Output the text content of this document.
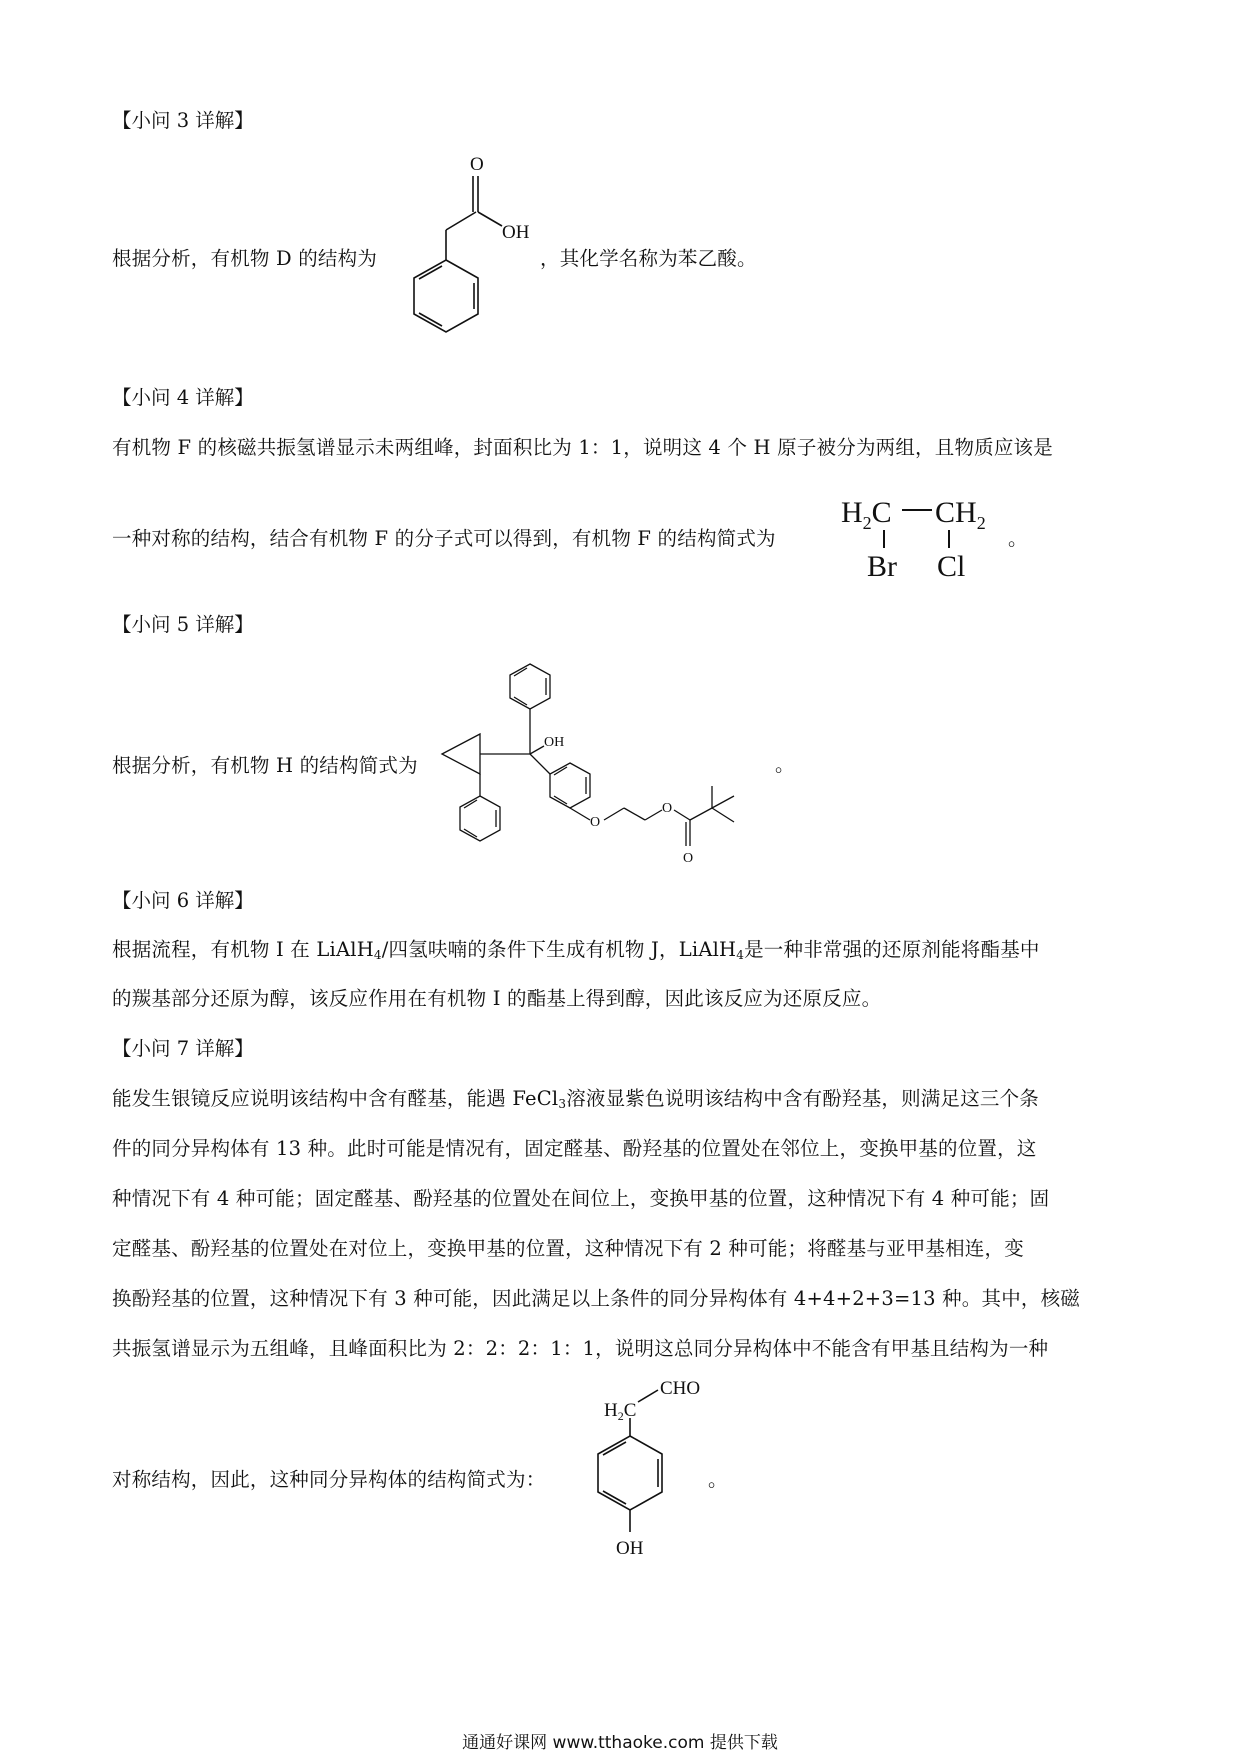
【小问 3 详解】
根据分析，有机物 D 的结构为
O
OH
，其化学名称为苯乙酸。
【小问 4 详解】
有机物 F 的核磁共振氢谱显示未两组峰，封面积比为 1：1，说明这 4 个 H 原子被分为两组，且物质应该是
一种对称的结构，结合有机物 F 的分子式可以得到，有机物 F 的结构简式为
$H_2C$ $CH_2$
Br Cl
。
【小问 5 详解】
根据分析，有机物 H 的结构简式为
OH
O
O
O
。
【小问 6 详解】
根据流程，有机物 I 在 LiAlH$_4$/四氢呋喃的条件下生成有机物 J，LiAlH$_4$是一种非常强的还原剂能将酯基中
的羰基部分还原为醇，该反应作用在有机物 I 的酯基上得到醇，因此该反应为还原反应。
【小问 7 详解】
能发生银镜反应说明该结构中含有醛基，能遇 FeCl$_3$溶液显紫色说明该结构中含有酚羟基，则满足这三个条
件的同分异构体有 13 种。此时可能是情况有，固定醛基、酚羟基的位置处在邻位上，变换甲基的位置，这
种情况下有 4 种可能；固定醛基、酚羟基的位置处在间位上，变换甲基的位置，这种情况下有 4 种可能；固
定醛基、酚羟基的位置处在对位上，变换甲基的位置，这种情况下有 2 种可能；将醛基与亚甲基相连，变
换酚羟基的位置，这种情况下有 3 种可能，因此满足以上条件的同分异构体有 4+4+2+3=13 种。其中，核磁
共振氢谱显示为五组峰，且峰面积比为 2：2：2：1：1，说明这总同分异构体中不能含有甲基且结构为一种
对称结构，因此，这种同分异构体的结构简式为：
$H_2C$
CHO
OH
。
通通好课网 www.tthaoke.com 提供下载
